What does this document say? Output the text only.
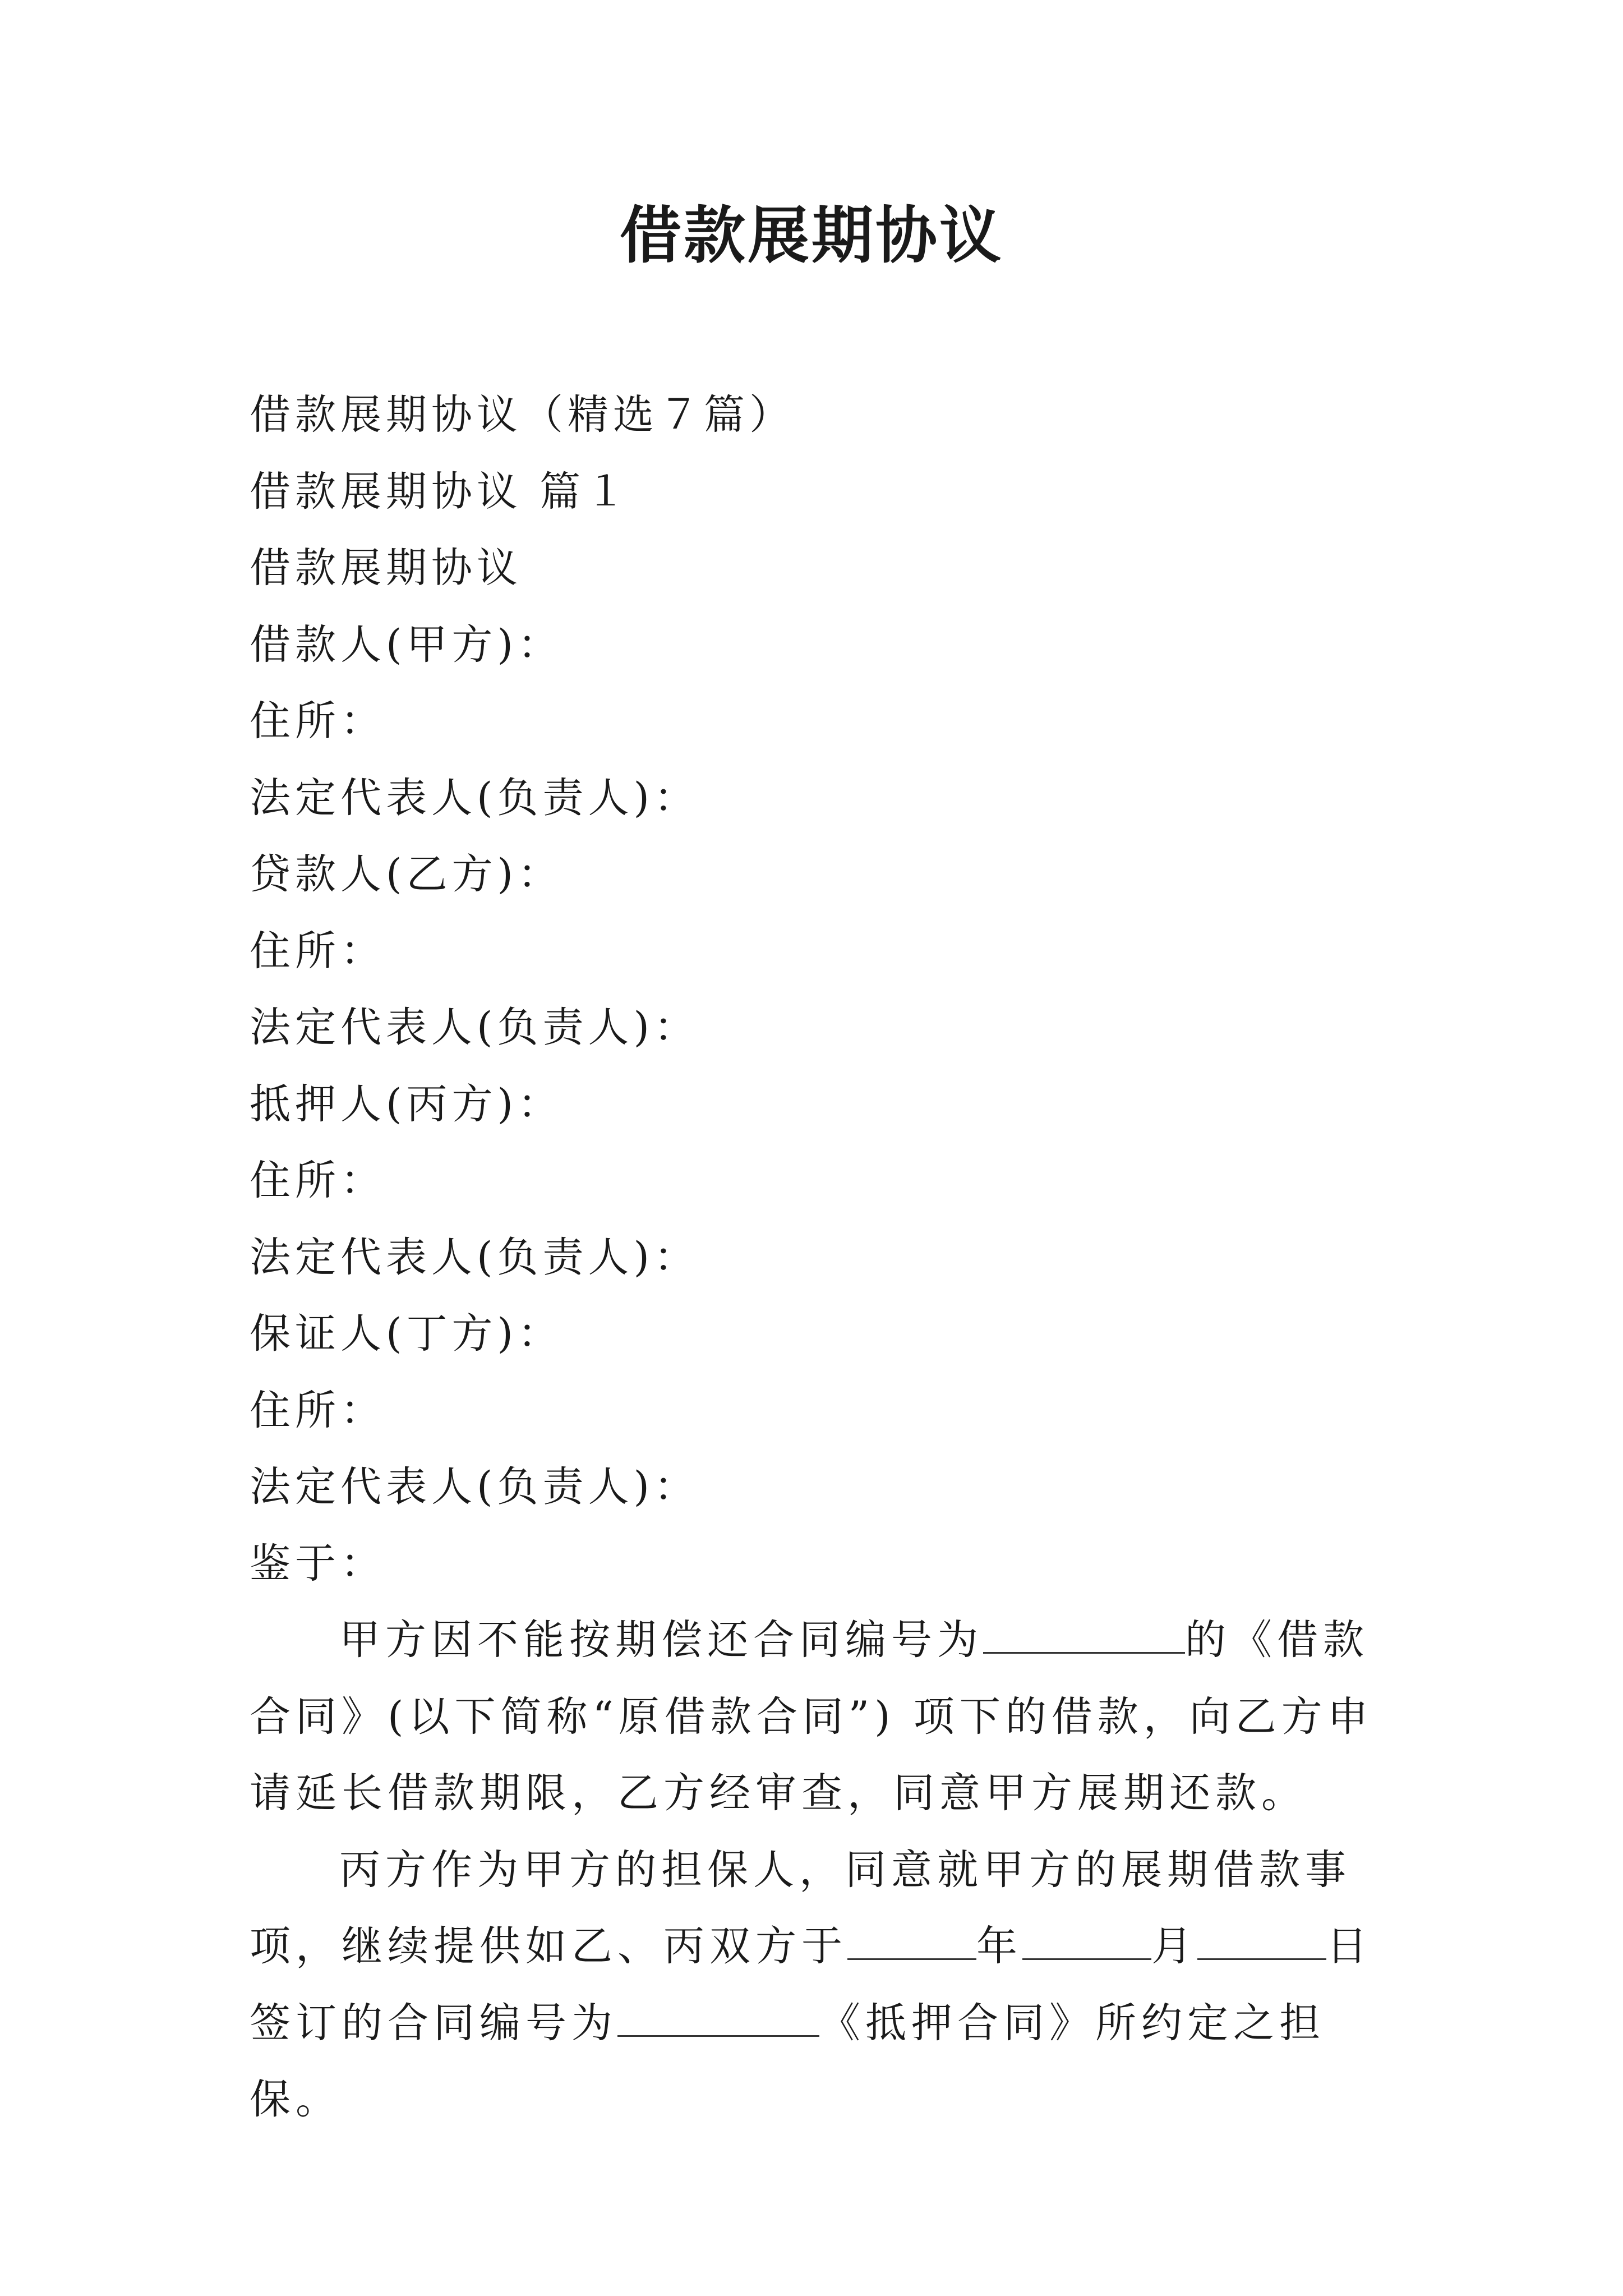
借款展期协议

借款展期协议（精选７篇）

借款展期协议 篇１

借款展期协议

借款人(甲方)：

住所：

法定代表人(负责人)：

贷款人(乙方)：

住所：

法定代表人(负责人)：

抵押人(丙方)：

住所：

法定代表人(负责人)：

保证人(丁方)：

住所：

法定代表人(负责人)：

鉴于：

甲方因不能按期偿还合同编号为	的《借款合同》(以下简称“原借款合同”) 项下的借款，向乙方申请延长借款期限，乙方经审查，同意甲方展期还款。

丙方作为甲方的担保人，同意就甲方的展期借款事项，继续提供如乙、丙双方于	年	月	日签订的合同编号为	《抵押合同》所约定之担保。
